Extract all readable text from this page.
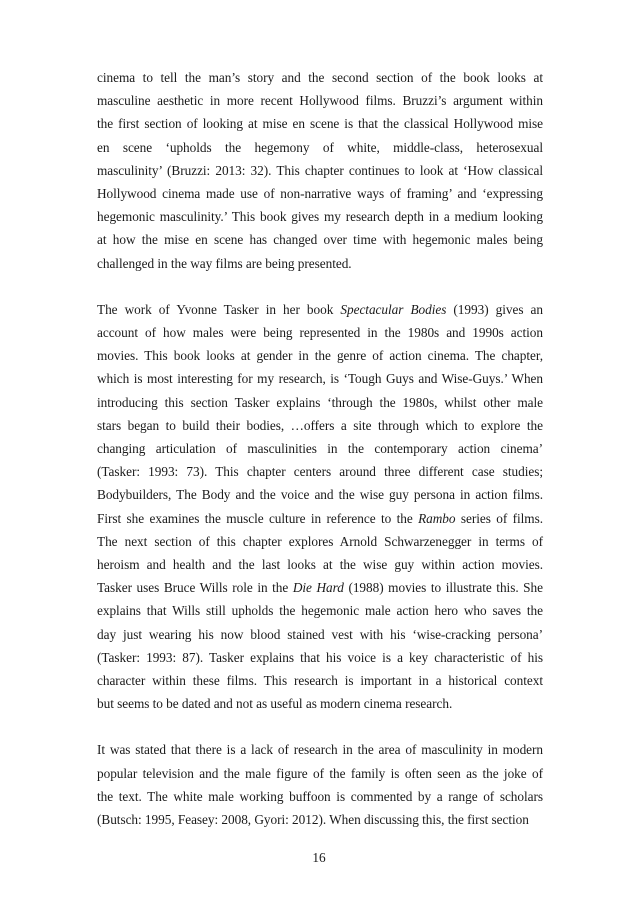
cinema to tell the man’s story and the second section of the book looks at
masculine aesthetic in more recent Hollywood films. Bruzzi’s argument within
the first section of looking at mise en scene is that the classical Hollywood mise
en scene ‘upholds the hegemony of white, middle-class, heterosexual
masculinity’ (Bruzzi: 2013: 32). This chapter continues to look at ‘How classical
Hollywood cinema made use of non-narrative ways of framing’ and ‘expressing
hegemonic masculinity.’ This book gives my research depth in a medium looking
at how the mise en scene has changed over time with hegemonic males being
challenged in the way films are being presented.
The work of Yvonne Tasker in her book Spectacular Bodies (1993) gives an
account of how males were being represented in the 1980s and 1990s action
movies. This book looks at gender in the genre of action cinema. The chapter,
which is most interesting for my research, is ‘Tough Guys and Wise-Guys.’ When
introducing this section Tasker explains ‘through the 1980s, whilst other male
stars began to build their bodies, …offers a site through which to explore the
changing articulation of masculinities in the contemporary action cinema’
(Tasker: 1993: 73). This chapter centers around three different case studies;
Bodybuilders, The Body and the voice and the wise guy persona in action films.
First she examines the muscle culture in reference to the Rambo series of films.
The next section of this chapter explores Arnold Schwarzenegger in terms of
heroism and health and the last looks at the wise guy within action movies.
Tasker uses Bruce Wills role in the Die Hard (1988) movies to illustrate this. She
explains that Wills still upholds the hegemonic male action hero who saves the
day just wearing his now blood stained vest with his ‘wise-cracking persona’
(Tasker: 1993: 87). Tasker explains that his voice is a key characteristic of his
character within these films. This research is important in a historical context
but seems to be dated and not as useful as modern cinema research.
It was stated that there is a lack of research in the area of masculinity in modern
popular television and the male figure of the family is often seen as the joke of
the text. The white male working buffoon is commented by a range of scholars
(Butsch: 1995, Feasey: 2008, Gyori: 2012). When discussing this, the first section
16
